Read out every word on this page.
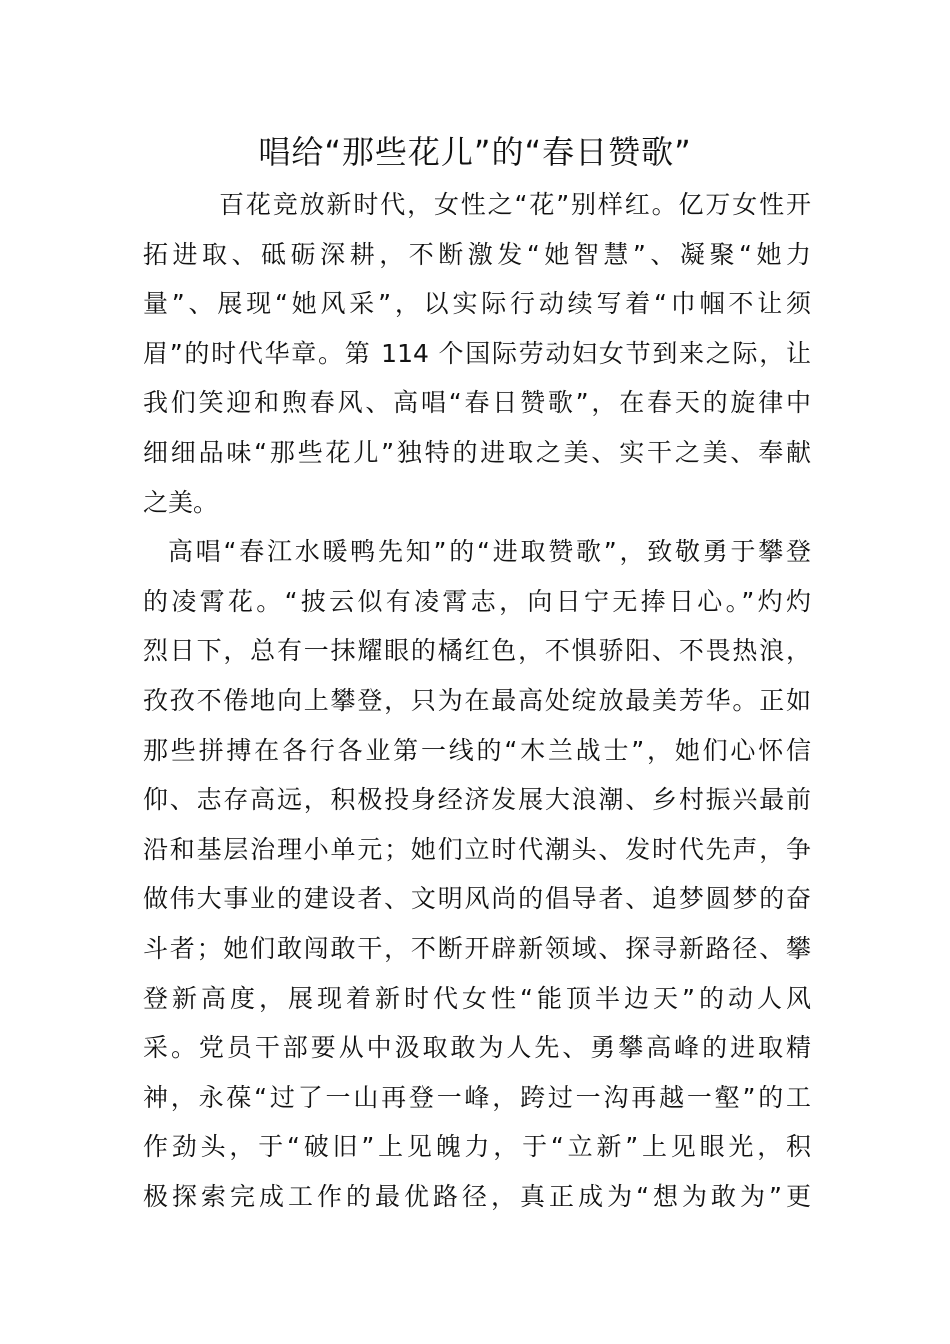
唱给“那些花儿”的“春日赞歌”
百花竞放新时代，女性之“花”别样红。亿万女性开
拓进取、砥砺深耕，不断激发“她智慧”、凝聚“她力
量”、展现“她风采”，以实际行动续写着“巾帼不让须
眉”的时代华章。第 114 个国际劳动妇女节到来之际，让
我们笑迎和煦春风、高唱“春日赞歌”，在春天的旋律中
细细品味“那些花儿”独特的进取之美、实干之美、奉献
之美。
高唱“春江水暖鸭先知”的“进取赞歌”，致敬勇于攀登
的凌霄花。“披云似有凌霄志，向日宁无捧日心。”灼灼
烈日下，总有一抹耀眼的橘红色，不惧骄阳、不畏热浪，
孜孜不倦地向上攀登，只为在最高处绽放最美芳华。正如
那些拼搏在各行各业第一线的“木兰战士”，她们心怀信
仰、志存高远，积极投身经济发展大浪潮、乡村振兴最前
沿和基层治理小单元；她们立时代潮头、发时代先声，争
做伟大事业的建设者、文明风尚的倡导者、追梦圆梦的奋
斗者；她们敢闯敢干，不断开辟新领域、探寻新路径、攀
登新高度，展现着新时代女性“能顶半边天”的动人风
采。党员干部要从中汲取敢为人先、勇攀高峰的进取精
神，永葆“过了一山再登一峰，跨过一沟再越一壑”的工
作劲头，于“破旧”上见魄力，于“立新”上见眼光，积
极探索完成工作的最优路径，真正成为“想为敢为”更
